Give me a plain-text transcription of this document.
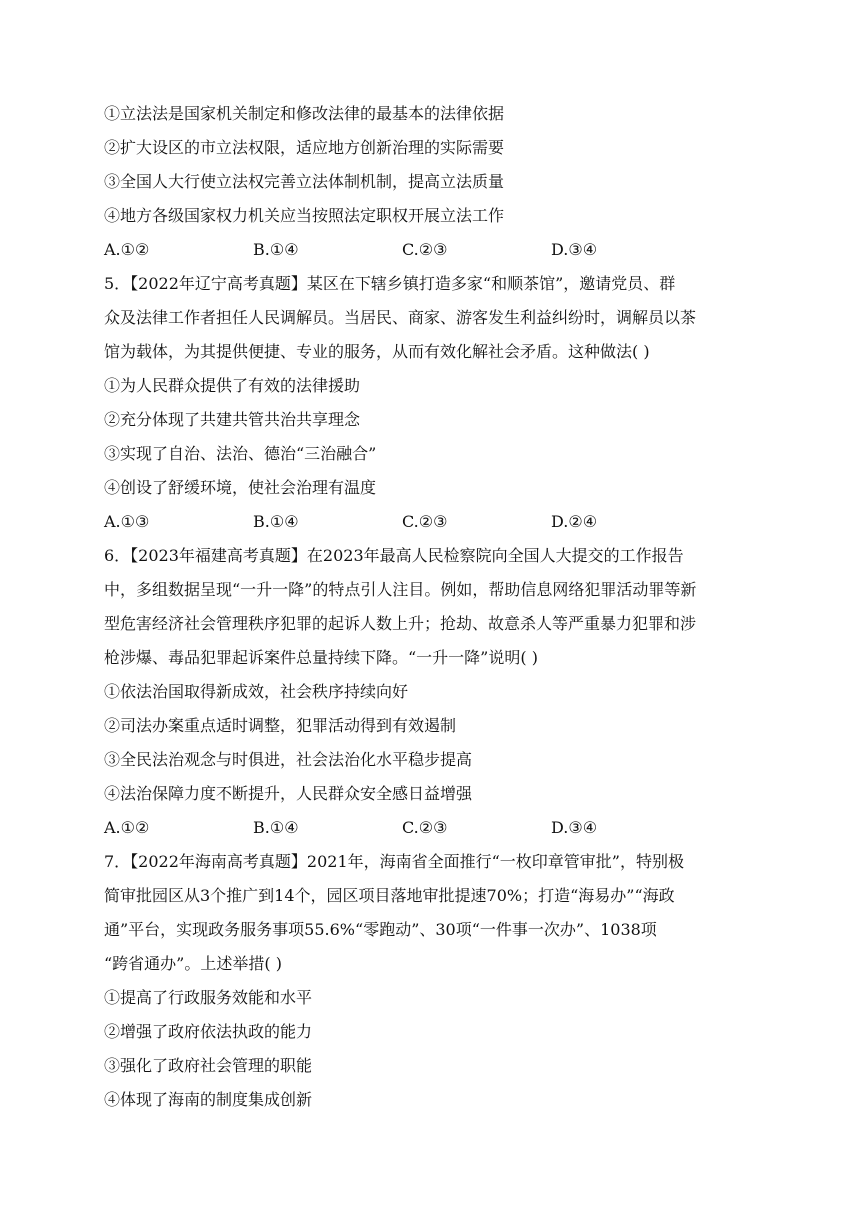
①立法法是国家机关制定和修改法律的最基本的法律依据
②扩大设区的市立法权限，适应地方创新治理的实际需要
③全国人大行使立法权完善立法体制机制，提高立法质量
④地方各级国家权力机关应当按照法定职权开展立法工作
A.①②	B.①④	C.②③	D.③④
5．【2022年辽宁高考真题】某区在下辖乡镇打造多家“和顺茶馆”，邀请党员、群
众及法律工作者担任人民调解员。当居民、商家、游客发生利益纠纷时，调解员以茶
馆为载体，为其提供便捷、专业的服务，从而有效化解社会矛盾。这种做法( )
①为人民群众提供了有效的法律援助
②充分体现了共建共管共治共享理念
③实现了自治、法治、德治“三治融合”
④创设了舒缓环境，使社会治理有温度
A.①③	B.①④	C.②③	D.②④
6．【2023年福建高考真题】在2023年最高人民检察院向全国人大提交的工作报告
中，多组数据呈现“一升一降”的特点引人注目。例如，帮助信息网络犯罪活动罪等新
型危害经济社会管理秩序犯罪的起诉人数上升；抢劫、故意杀人等严重暴力犯罪和涉
枪涉爆、毒品犯罪起诉案件总量持续下降。“一升一降”说明( )
①依法治国取得新成效，社会秩序持续向好
②司法办案重点适时调整，犯罪活动得到有效遏制
③全民法治观念与时俱进，社会法治化水平稳步提高
④法治保障力度不断提升，人民群众安全感日益增强
A.①②	B.①④	C.②③	D.③④
7．【2022年海南高考真题】2021年，海南省全面推行“一枚印章管审批”，特别极
简审批园区从3个推广到14个，园区项目落地审批提速70%；打造“海易办”“海政
通”平台，实现政务服务事项55.6%“零跑动”、30项“一件事一次办”、1038项
“跨省通办”。上述举措( )
①提高了行政服务效能和水平
②增强了政府依法执政的能力
③强化了政府社会管理的职能
④体现了海南的制度集成创新
